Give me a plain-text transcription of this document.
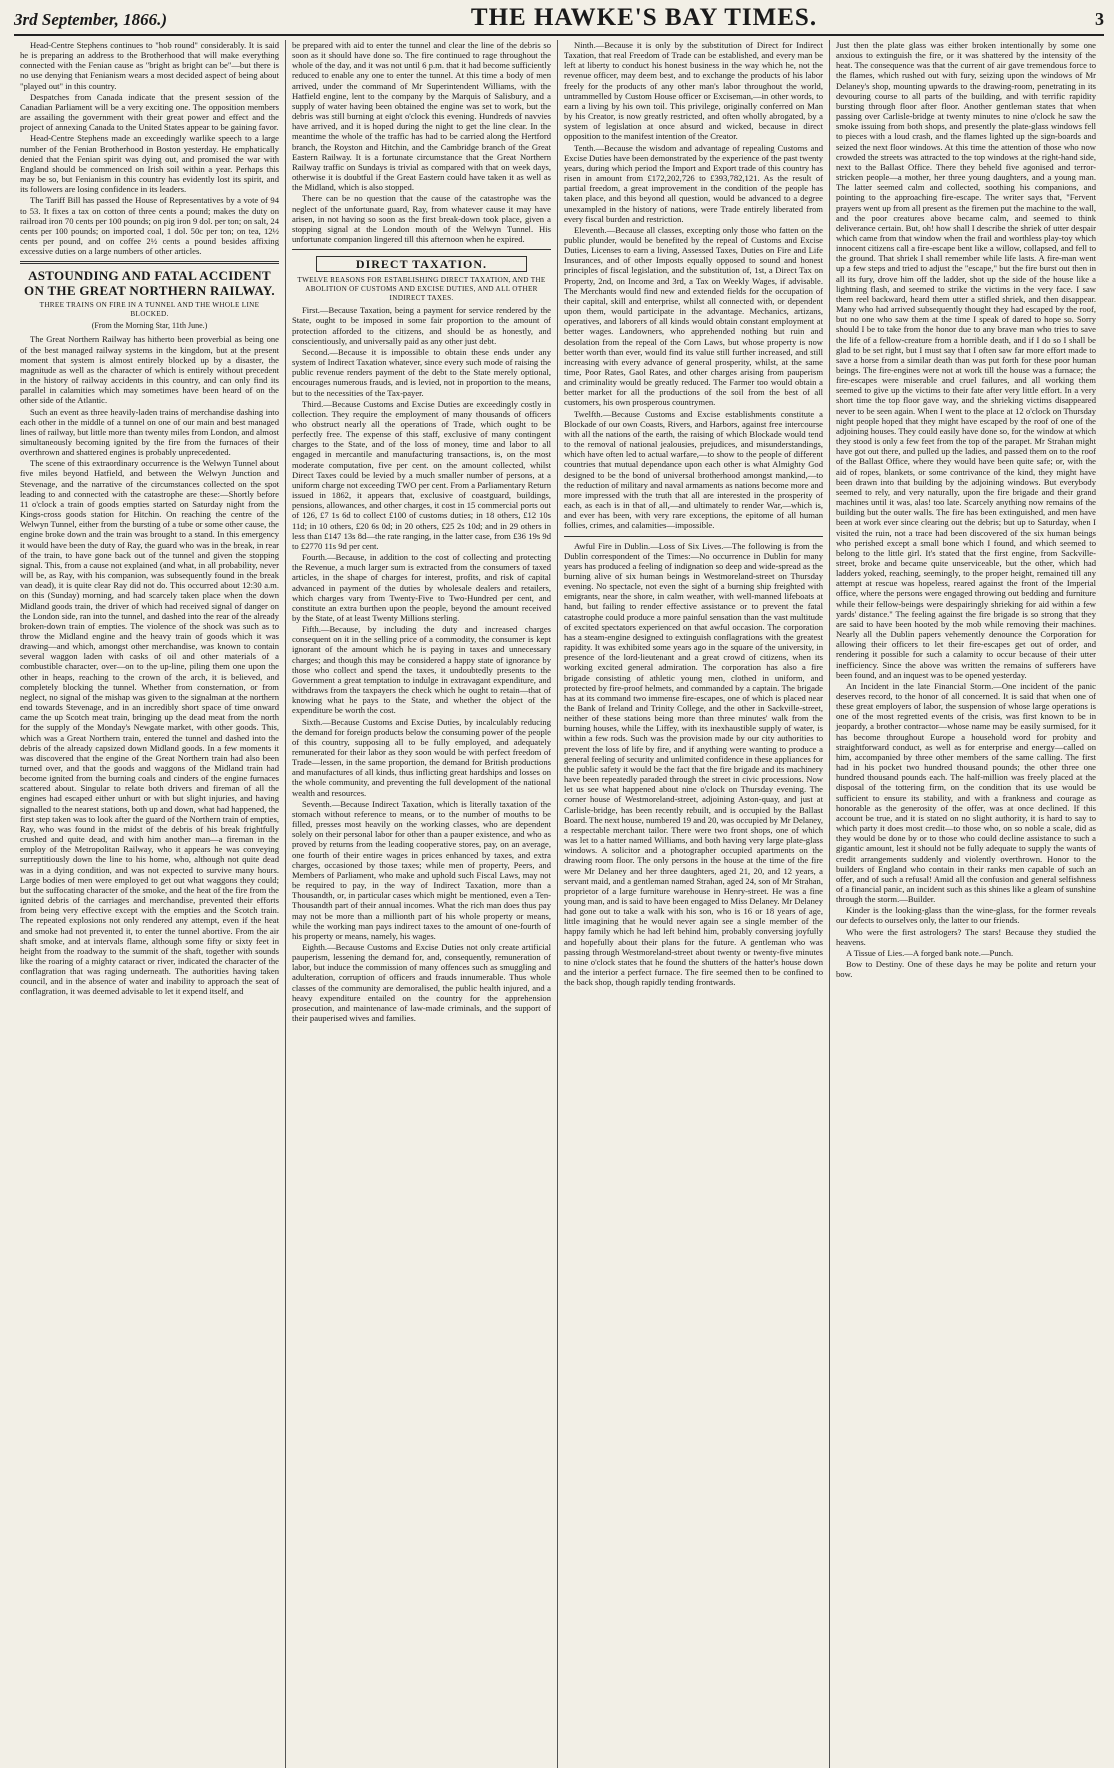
3rd September, 1866.)	THE HAWKE'S BAY TIMES.	3

Head-Centre Stephens continues to "hob round" considerably. It is said he is preparing an address to the Brotherhood that will make everything connected with the Fenian cause as "bright as bright can be"—but there is no use denying that Fenianism wears a most decided aspect of being about "played out" in this country.

Despatches from Canada indicate that the present session of the Canadian Parliament will be a very exciting one. The opposition members are assailing the government with their great power and effect and the project of annexing Canada to the United States appear to be gaining favor.

Head-Centre Stephens made an exceedingly warlike speech to a large number of the Fenian Brotherhood in Boston yesterday. He emphatically denied that the Fenian spirit was dying out, and promised the war with England should be commenced on Irish soil within a year. Perhaps this may be so, but Fenianism in this country has evidently lost its spirit, and its followers are losing confidence in its leaders.

The Tariff Bill has passed the House of Representatives by a vote of 94 to 53. It fixes a tax on cotton of three cents a pound; makes the duty on railroad iron 70 cents per 100 pounds; on pig iron 9 dol. per ton; on salt, 24 cents per 100 pounds; on imported coal, 1 dol. 50c per ton; on tea, 12½ cents per pound, and on coffee 2½ cents a pound besides affixing excessive duties on a large numbers of other articles.

ASTOUNDING AND FATAL ACCIDENT ON THE GREAT NORTHERN RAILWAY.
THREE TRAINS ON FIRE IN A TUNNEL AND THE WHOLE LINE BLOCKED.
(From the Morning Star, 11th June.)

The Great Northern Railway has hitherto been proverbial as being one of the best managed railway systems in the kingdom, but at the present moment that system is almost entirely blocked up by a disaster, the magnitude as well as the character of which is entirely without precedent in the history of railway accidents in this country, and can only find its parallel in calamities which may sometimes have been heard of on the other side of the Atlantic.

Such an event as three heavily-laden trains of merchandise dashing into each other in the middle of a tunnel on one of our main and best managed lines of railway, but little more than twenty miles from London, and almost simultaneously becoming ignited by the fire from the furnaces of their overthrown and shattered engines is probably unprecedented.

The scene of this extraordinary occurrence is the Welwyn Tunnel about five miles beyond Hatfield, and between the Welwyn Junction and Stevenage, and the narrative of the circumstances collected on the spot leading to and connected with the catastrophe are these:—Shortly before 11 o'clock a train of goods empties started on Saturday night from the Kings-cross goods station for Hitchin. On reaching the centre of the Welwyn Tunnel, either from the bursting of a tube or some other cause, the engine broke down and the train was brought to a stand. In this emergency it would have been the duty of Ray, the guard who was in the break, in rear of the train, to have gone back out of the tunnel and given the stopping signal. This, from a cause not explained (and what, in all probability, never will be, as Ray, with his companion, was subsequently found in the break van dead), it is quite clear Ray did not do. This occurred about 12:30 a.m. on this (Sunday) morning, and had scarcely taken place when the down Midland goods train, the driver of which had received signal of danger on the London side, ran into the tunnel, and dashed into the rear of the already broken-down train of empties. The violence of the shock was such as to throw the Midland engine and the heavy train of goods which it was drawing—and which, amongst other merchandise, was known to contain several waggon laden with casks of oil and other materials of a combustible character, over—on to the up-line, piling them one upon the other in heaps, reaching to the crown of the arch, it is believed, and completely blocking the tunnel. Whether from consternation, or from neglect, no signal of the mishap was given to the signalman at the northern end towards Stevenage, and in an incredibly short space of time onward came the up Scotch meat train, bringing up the dead meat from the north for the supply of the Monday's Newgate market, with other goods. This, which was a Great Northern train, entered the tunnel and dashed into the debris of the already capsized down Midland goods. In a few moments it was discovered that the engine of the Great Northern train had also been turned over, and that the goods and waggons of the Midland train had become ignited from the burning coals and cinders of the engine furnaces scattered about. Singular to relate both drivers and fireman of all the engines had escaped either unhurt or with but slight injuries, and having signalled to the nearest stations, both up and down, what had happened, the first step taken was to look after the guard of the Northern train of empties, Ray, who was found in the midst of the debris of his break frightfully crushed and quite dead, and with him another man—a fireman in the employ of the Metropolitan Railway, who it appears he was conveying surreptitiously down the line to his home, who, although not quite dead was in a dying condition, and was not expected to survive many hours. Large bodies of men were employed to get out what waggons they could; but the suffocating character of the smoke, and the heat of the fire from the ignited debris of the carriages and merchandise, prevented their efforts from being very effective except with the empties and the Scotch train. The repeated explosions not only rendered any attempt, even if the heat and smoke had not prevented it, to enter the tunnel abortive. From the air shaft smoke, and at intervals flame, although some fifty or sixty feet in height from the roadway to the summit of the shaft, together with sounds like the roaring of a mighty cataract or river, indicated the character of the conflagration that was raging underneath. The authorities having taken council, and in the absence of water and inability to approach the seat of conflagration, it was deemed advisable to let it expend itself, and

be prepared with aid to enter the tunnel and clear the line of the debris so soon as it should have done so. The fire continued to rage throughout the whole of the day, and it was not until 6 p.m. that it had become sufficiently reduced to enable any one to enter the tunnel. At this time a body of men arrived, under the command of Mr Superintendent Williams, with the Hatfield engine, lent to the company by the Marquis of Salisbury, and a supply of water having been obtained the engine was set to work, but the debris was still burning at eight o'clock this evening. Hundreds of navvies have arrived, and it is hoped during the night to get the line clear. In the meantime the whole of the traffic has had to be carried along the Hertford branch, the Royston and Hitchin, and the Cambridge branch of the Great Eastern Railway. It is a fortunate circumstance that the Great Northern Railway traffic on Sundays is trivial as compared with that on week days, otherwise it is doubtful if the Great Eastern could have taken it as well as the Midland, which is also stopped.

There can be no question that the cause of the catastrophe was the neglect of the unfortunate guard, Ray, from whatever cause it may have arisen, in not having so soon as the first break-down took place, given a stopping signal at the London mouth of the Welwyn Tunnel. His unfortunate companion lingered till this afternoon when he expired.

DIRECT TAXATION.
TWELVE REASONS FOR ESTABLISHING DIRECT TAXATION, AND THE ABOLITION OF CUSTOMS AND EXCISE DUTIES, AND ALL OTHER INDIRECT TAXES.

First.—Because Taxation, being a payment for service rendered by the State, ought to be imposed in some fair proportion to the amount of protection afforded to the citizens, and should be as honestly, and conscientiously, and universally paid as any other just debt.

Second.—Because it is impossible to obtain these ends under any system of Indirect Taxation whatever, since every such mode of raising the public revenue renders payment of the debt to the State merely optional, encourages numerous frauds, and is levied, not in proportion to the means, but to the necessities of the Tax-payer.

Third.—Because Customs and Excise Duties are exceedingly costly in collection. They require the employment of many thousands of officers who obstruct nearly all the operations of Trade, which ought to be perfectly free. The expense of this staff, exclusive of many contingent charges to the State, and of the loss of money, time and labor to all engaged in mercantile and manufacturing transactions, is, on the most moderate computation, five per cent. on the amount collected, whilst Direct Taxes could be levied by a much smaller number of persons, at a uniform charge not exceeding TWO per cent. From a Parliamentary Return issued in 1862, it appears that, exclusive of coastguard, buildings, pensions, allowances, and other charges, it cost in 15 commercial ports out of 126, £7 1s 6d to collect £100 of customs duties; in 18 others, £12 10s 11d; in 10 others, £20 6s 0d; in 20 others, £25 2s 10d; and in 29 others in less than £147 13s 8d—the rate ranging, in the latter case, from £36 19s 9d to £2770 11s 9d per cent.

Fourth.—Because, in addition to the cost of collecting and protecting the Revenue, a much larger sum is extracted from the consumers of taxed articles, in the shape of charges for interest, profits, and risk of capital advanced in payment of the duties by wholesale dealers and retailers, which charges vary from Twenty-Five to Two-Hundred per cent, and constitute an extra burthen upon the people, beyond the amount received by the State, of at least Twenty Millions sterling.

Fifth.—Because, by including the duty and increased charges consequent on it in the selling price of a commodity, the consumer is kept ignorant of the amount which he is paying in taxes and unnecessary charges; and though this may be considered a happy state of ignorance by those who collect and spend the taxes, it undoubtedly presents to the Government a great temptation to indulge in extravagant expenditure, and withdraws from the taxpayers the check which he ought to retain—that of knowing what he pays to the State, and whether the object of the expenditure be worth the cost.

Sixth.—Because Customs and Excise Duties, by incalculably reducing the demand for foreign products below the consuming power of the people of this country, supposing all to be fully employed, and adequately remunerated for their labor as they soon would be with perfect freedom of Trade—lessen, in the same proportion, the demand for British productions and manufactures of all kinds, thus inflicting great hardships and losses on the whole community, and preventing the full development of the national wealth and resources.

Seventh.—Because Indirect Taxation, which is literally taxation of the stomach without reference to means, or to the number of mouths to be filled, presses most heavily on the working classes, who are dependent solely on their personal labor for other than a pauper existence, and who as proved by returns from the leading cooperative stores, pay, on an average, one fourth of their entire wages in prices enhanced by taxes, and extra charges, occasioned by those taxes; while men of property, Peers, and Members of Parliament, who make and uphold such Fiscal Laws, may not be required to pay, in the way of Indirect Taxation, more than a Thousandth, or, in particular cases which might be mentioned, even a Ten-Thousandth part of their annual incomes. What the rich man does thus pay may not be more than a millionth part of his whole property or means, while the working man pays indirect taxes to the amount of one-fourth of his property or means, namely, his wages.

Eighth.—Because Customs and Excise Duties not only create artificial pauperism, lessening the demand for, and, consequently, remuneration of labor, but induce the commission of many offences such as smuggling and adulteration, corruption of officers and frauds innumerable. Thus whole classes of the community are demoralised, the public health injured, and a heavy expenditure entailed on the country for the apprehension prosecution, and maintenance of law-made criminals, and the support of their pauperised wives and families.

Ninth.—Because it is only by the substitution of Direct for Indirect Taxation, that real Freedom of Trade can be established, and every man be left at liberty to conduct his honest business in the way which he, not the revenue officer, may deem best, and to exchange the products of his labor freely for the products of any other man's labor throughout the world, untrammelled by Custom House officer or Exciseman,—in other words, to earn a living by his own toil. This privilege, originally conferred on Man by his Creator, is now greatly restricted, and often wholly abrogated, by a system of legislation at once absurd and wicked, because in direct opposition to the manifest intention of the Creator.

Tenth.—Because the wisdom and advantage of repealing Customs and Excise Duties have been demonstrated by the experience of the past twenty years, during which period the Import and Export trade of this country has risen in amount from £172,202,726 to £393,782,121. As the result of partial freedom, a great improvement in the condition of the people has taken place, and this beyond all question, would be advanced to a degree unexampled in the history of nations, were Trade entirely liberated from every fiscal burden and restriction.

Eleventh.—Because all classes, excepting only those who fatten on the public plunder, would be benefited by the repeal of Customs and Excise Duties, Licenses to earn a living, Assessed Taxes, Duties on Fire and Life Insurances, and of other Imposts equally opposed to sound and honest principles of fiscal legislation, and the substitution of, 1st, a Direct Tax on Property, 2nd, on Income and 3rd, a Tax on Weekly Wages, if advisable. The Merchants would find new and extended fields for the occupation of their capital, skill and enterprise, whilst all connected with, or dependent upon them, would participate in the advantage. Mechanics, artizans, operatives, and laborers of all kinds would obtain constant employment at better wages. Landowners, who apprehended nothing but ruin and desolation from the repeal of the Corn Laws, but whose property is now better worth than ever, would find its value still further increased, and still increasing with every advance of general prosperity, whilst, at the same time, Poor Rates, Gaol Rates, and other charges arising from pauperism and criminality would be greatly reduced. The Farmer too would obtain a better market for all the productions of the soil from the best of all customers, his own prosperous countrymen.

Twelfth.—Because Customs and Excise establishments constitute a Blockade of our own Coasts, Rivers, and Harbors, against free intercourse with all the nations of the earth, the raising of which Blockade would tend to the removal of national jealousies, prejudices, and misunderstandings, which have often led to actual warfare,—to show to the people of different countries that mutual dependance upon each other is what Almighty God designed to be the bond of universal brotherhood amongst mankind,—to the reduction of military and naval armaments as nations become more and more impressed with the truth that all are interested in the prosperity of each, as each is in that of all,—and ultimately to render War,—which is, and ever has been, with very rare exceptions, the epitome of all human follies, crimes, and calamities—impossible.

Awful Fire in Dublin.—Loss of Six Lives.—The following is from the Dublin correspondent of the Times:—No occurrence in Dublin for many years has produced a feeling of indignation so deep and wide-spread as the burning alive of six human beings in Westmoreland-street on Thursday evening. No spectacle, not even the sight of a burning ship freighted with emigrants, near the shore, in calm weather, with well-manned lifeboats at hand, but failing to render effective assistance or to prevent the fatal catastrophe could produce a more painful sensation than the vast multitude of excited spectators experienced on that awful occasion. The corporation has a steam-engine designed to extinguish conflagrations with the greatest rapidity. It was exhibited some years ago in the square of the university, in presence of the lord-lieutenant and a great crowd of citizens, when its working excited general admiration. The corporation has also a fire brigade consisting of athletic young men, clothed in uniform, and protected by fire-proof helmets, and commanded by a captain. The brigade has at its command two immense fire-escapes, one of which is placed near the Bank of Ireland and Trinity College, and the other in Sackville-street, neither of these stations being more than three minutes' walk from the burning houses, while the Liffey, with its inexhaustible supply of water, is within a few rods. Such was the provision made by our city authorities to prevent the loss of life by fire, and if anything were wanting to produce a general feeling of security and unlimited confidence in these appliances for the public safety it would be the fact that the fire brigade and its machinery have been repeatedly paraded through the street in civic processions. Now let us see what happened about nine o'clock on Thursday evening. The corner house of Westmoreland-street, adjoining Aston-quay, and just at Carlisle-bridge, has been recently rebuilt, and is occupied by the Ballast Board. The next house, numbered 19 and 20, was occupied by Mr Delaney, a respectable merchant tailor. There were two front shops, one of which was let to a hatter named Williams, and both having very large plate-glass windows. A solicitor and a photographer occupied apartments on the drawing room floor. The only persons in the house at the time of the fire were Mr Delaney and her three daughters, aged 21, 20, and 12 years, a servant maid, and a gentleman named Strahan, aged 24, son of Mr Strahan, proprietor of a large furniture warehouse in Henry-street. He was a fine young man, and is said to have been engaged to Miss Delaney. Mr Delaney had gone out to take a walk with his son, who is 16 or 18 years of age, little imagining that he would never again see a single member of the happy family which he had left behind him, probably conversing joyfully and hopefully about their plans for the future. A gentleman who was passing through Westmoreland-street about twenty or twenty-five minutes to nine o'clock states that he found the shutters of the hatter's house down and the interior a perfect furnace. The fire seemed then to be confined to the back shop, though rapidly tending frontwards.

Just then the plate glass was either broken intentionally by some one anxious to extinguish the fire, or it was shattered by the intensity of the heat. The consequence was that the current of air gave tremendous force to the flames, which rushed out with fury, seizing upon the windows of Mr Delaney's shop, mounting upwards to the drawing-room, penetrating in its devouring course to all parts of the building, and with terrific rapidity bursting through floor after floor. Another gentleman states that when passing over Carlisle-bridge at twenty minutes to nine o'clock he saw the smoke issuing from both shops, and presently the plate-glass windows fell to pieces with a loud crash, and the flames lighted up the sign-boards and seized the next floor windows. At this time the attention of those who now crowded the streets was attracted to the top windows at the right-hand side, next to the Ballast Office. There they beheld five agonised and terror-stricken people—a mother, her three young daughters, and a young man. The latter seemed calm and collected, soothing his companions, and pointing to the approaching fire-escape. The writer says that, "Fervent prayers went up from all present as the firemen put the machine to the wall, and the poor creatures above became calm, and seemed to think deliverance certain. But, oh! how shall I describe the shriek of utter despair which came from that window when the frail and worthless play-toy which innocent citizens call a fire-escape bent like a willow, collapsed, and fell to the ground. That shriek I shall remember while life lasts. A fire-man went up a few steps and tried to adjust the "escape," but the fire burst out then in all its fury, drove him off the ladder, shot up the side of the house like a lightning flash, and seemed to strike the victims in the very face. I saw them reel backward, heard them utter a stifled shriek, and then disappear. Many who had arrived subsequently thought they had escaped by the roof, but no one who saw them at the time I speak of dared to hope so. Sorry should I be to take from the honor due to any brave man who tries to save the life of a fellow-creature from a horrible death, and if I do so I shall be glad to be set right, but I must say that I often saw far more effort made to save a horse from a similar death than was put forth for these poor human beings. The fire-engines were not at work till the house was a furnace; the fire-escapes were miserable and cruel failures, and all working them seemed to give up the victims to their fate after very little effort. In a very short time the top floor gave way, and the shrieking victims disappeared never to be seen again. When I went to the place at 12 o'clock on Thursday night people hoped that they might have escaped by the roof of one of the adjoining houses. They could easily have done so, for the window at which they stood is only a few feet from the top of the parapet. Mr Strahan might have got out there, and pulled up the ladies, and passed them on to the roof of the Ballast Office, where they would have been quite safe; or, with the aid of ropes, blankets, or some contrivance of the kind, they might have been drawn into that building by the adjoining windows. But everybody seemed to rely, and very naturally, upon the fire brigade and their grand machines until it was, alas! too late. Scarcely anything now remains of the building but the outer walls. The fire has been extinguished, and men have been at work ever since clearing out the debris; but up to Saturday, when I visited the ruin, not a trace had been discovered of the six human beings who perished except a small bone which I found, and which seemed to belong to the little girl. It's stated that the first engine, from Sackville-street, broke and became quite unserviceable, but the other, which had ladders yoked, reaching, seemingly, to the proper height, remained till any attempt at rescue was hopeless, reared against the front of the Imperial office, where the persons were engaged throwing out bedding and furniture while their fellow-beings were despairingly shrieking for aid within a few yards' distance." The feeling against the fire brigade is so strong that they are said to have been hooted by the mob while removing their machines. Nearly all the Dublin papers vehemently denounce the Corporation for allowing their officers to let their fire-escapes get out of order, and rendering it possible for such a calamity to occur because of their utter inefficiency. Since the above was written the remains of sufferers have been found, and an inquest was to be opened yesterday.

An Incident in the late Financial Storm.—One incident of the panic deserves record, to the honor of all concerned. It is said that when one of these great employers of labor, the suspension of whose large operations is one of the most regretted events of the crisis, was first known to be in jeopardy, a brother contractor—whose name may be easily surmised, for it has become throughout Europe a household word for probity and straightforward conduct, as well as for enterprise and energy—called on him, accompanied by three other members of the same calling. The first had in his pocket two hundred thousand pounds; the other three one hundred thousand pounds each. The half-million was freely placed at the disposal of the tottering firm, on the condition that its use would be sufficient to ensure its stability, and with a frankness and courage as honorable as the generosity of the offer, was at once declined. If this account be true, and it is stated on no slight authority, it is hard to say to which party it does most credit—to those who, on so noble a scale, did as they would be done by or to those who could decline assistance to such a gigantic amount, lest it should not be fully adequate to supply the wants of credit arrangements suddenly and violently overthrown. Honor to the builders of England who contain in their ranks men capable of such an offer, and of such a refusal! Amid all the confusion and general selfishness of a financial panic, an incident such as this shines like a gleam of sunshine through the storm.—Builder.

Kinder is the looking-glass than the wine-glass, for the former reveals our defects to ourselves only, the latter to our friends.

Who were the first astrologers? The stars! Because they studied the heavens.

A Tissue of Lies.—A forged bank note.—Punch.

Bow to Destiny. One of these days he may be polite and return your bow.
